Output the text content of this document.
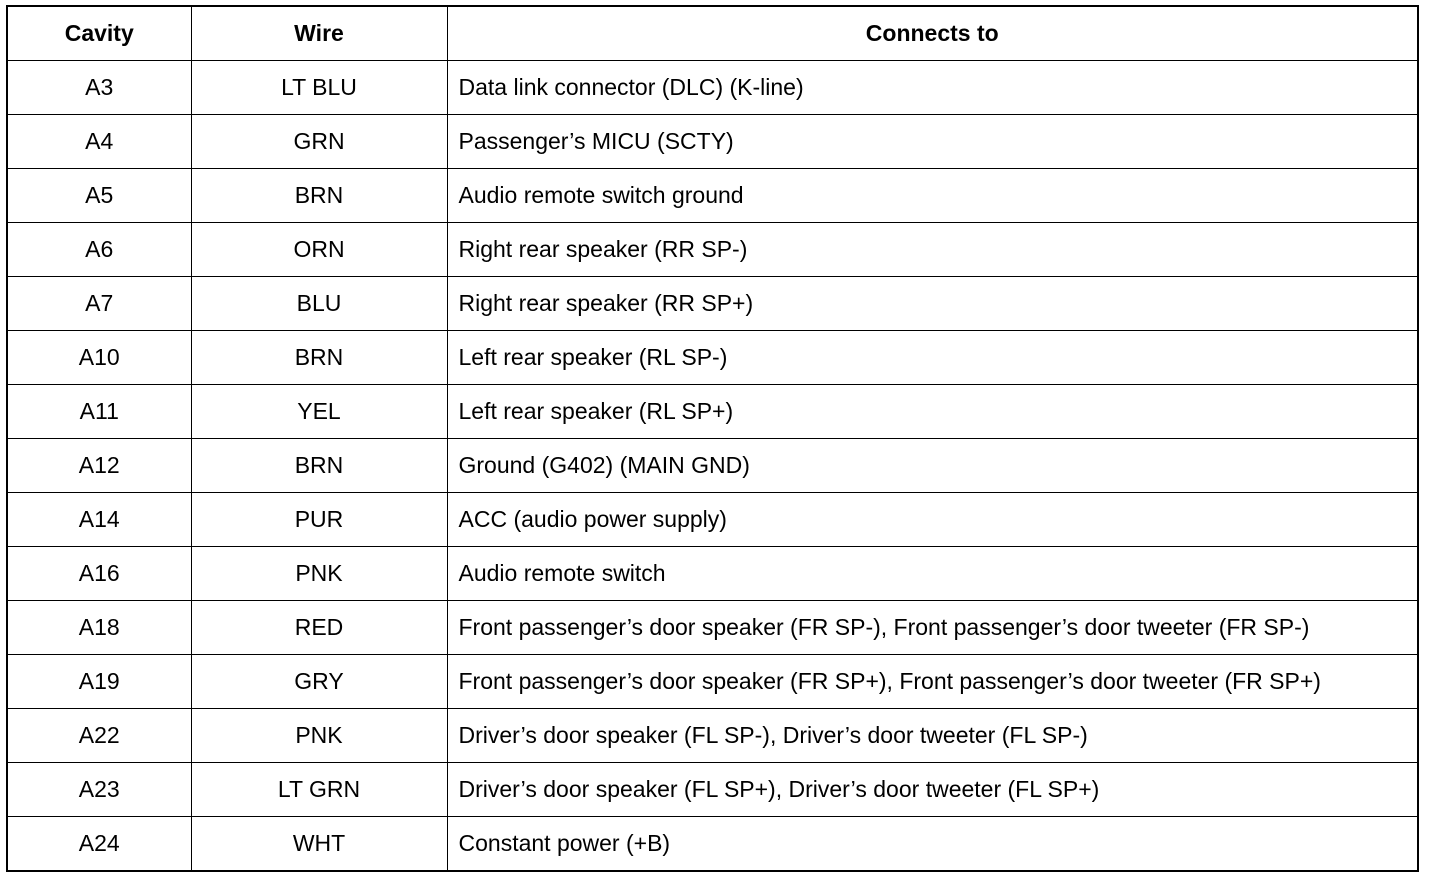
Cavity	Wire	Connects to
A3	LT BLU	Data link connector (DLC) (K-line)
A4	GRN	Passenger’s MICU (SCTY)
A5	BRN	Audio remote switch ground
A6	ORN	Right rear speaker (RR SP-)
A7	BLU	Right rear speaker (RR SP+)
A10	BRN	Left rear speaker (RL SP-)
A11	YEL	Left rear speaker (RL SP+)
A12	BRN	Ground (G402) (MAIN GND)
A14	PUR	ACC (audio power supply)
A16	PNK	Audio remote switch
A18	RED	Front passenger’s door speaker (FR SP-), Front passenger’s door tweeter (FR SP-)
A19	GRY	Front passenger’s door speaker (FR SP+), Front passenger’s door tweeter (FR SP+)
A22	PNK	Driver’s door speaker (FL SP-), Driver’s door tweeter (FL SP-)
A23	LT GRN	Driver’s door speaker (FL SP+), Driver’s door tweeter (FL SP+)
A24	WHT	Constant power (+B)
